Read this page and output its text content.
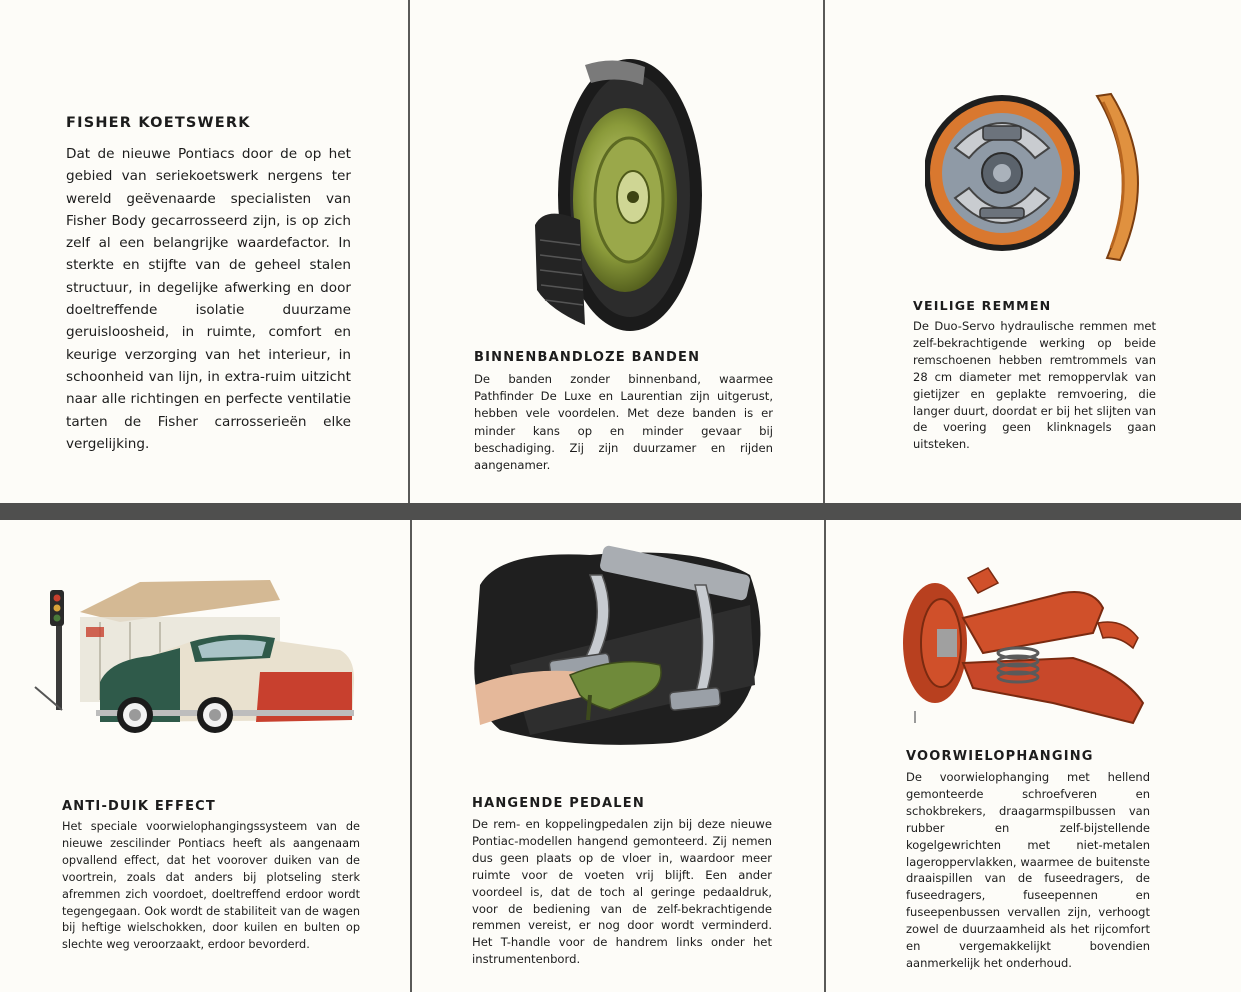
FISHER KOETSWERK

Dat de nieuwe Pontiacs door de op het gebied van seriekoetswerk nergens ter wereld geëvenaarde specialisten van Fisher Body gecarrosseerd zijn, is op zich zelf al een belangrijke waardefactor. In sterkte en stijfte van de geheel stalen structuur, in degelijke afwerking en door doeltreffende isolatie duurzame geruisloosheid, in ruimte, comfort en keurige verzorging van het interieur, in schoonheid van lijn, in extra-ruim uitzicht naar alle richtingen en perfecte ventilatie tarten de Fisher carrosserieën elke vergelijking.

BINNENBANDLOZE BANDEN

De banden zonder binnenband, waarmee Pathfinder De Luxe en Laurentian zijn uitgerust, hebben vele voordelen. Met deze banden is er minder kans op en minder gevaar bij beschadiging. Zij zijn duurzamer en rijden aangenamer.

VEILIGE REMMEN

De Duo-Servo hydraulische remmen met zelf-bekrachtigende werking op beide remschoenen hebben remtrommels van 28 cm diameter met remoppervlak van gietijzer en geplakte remvoering, die langer duurt, doordat er bij het slijten van de voering geen klinknagels gaan uitsteken.

ANTI-DUIK EFFECT

Het speciale voorwielophangingssysteem van de nieuwe zescilinder Pontiacs heeft als aangenaam opvallend effect, dat het voorover duiken van de voortrein, zoals dat anders bij plotseling sterk afremmen zich voordoet, doeltreffend erdoor wordt tegengegaan. Ook wordt de stabiliteit van de wagen bij heftige wielschokken, door kuilen en bulten op slechte weg veroorzaakt, erdoor bevorderd.

HANGENDE PEDALEN

De rem- en koppelingpedalen zijn bij deze nieuwe Pontiac-modellen hangend gemonteerd. Zij nemen dus geen plaats op de vloer in, waardoor meer ruimte voor de voeten vrij blijft. Een ander voordeel is, dat de toch al geringe pedaaldruk, voor de bediening van de zelf-bekrachtigende remmen vereist, er nog door wordt verminderd. Het T-handle voor de handrem links onder het instrumentenbord.

VOORWIELOPHANGING

De voorwielophanging met hellend gemonteerde schroefveren en schokbrekers, draagarmspilbussen van rubber en zelf-bijstellende kogelgewrichten met niet-metalen lageroppervlakken, waarmee de buitenste draaispillen van de fuseedragers, de fuseedragers, fuseepennen en fuseepenbussen vervallen zijn, verhoogt zowel de duurzaamheid als het rijcomfort en vergemakkelijkt bovendien aanmerkelijk het onderhoud.
